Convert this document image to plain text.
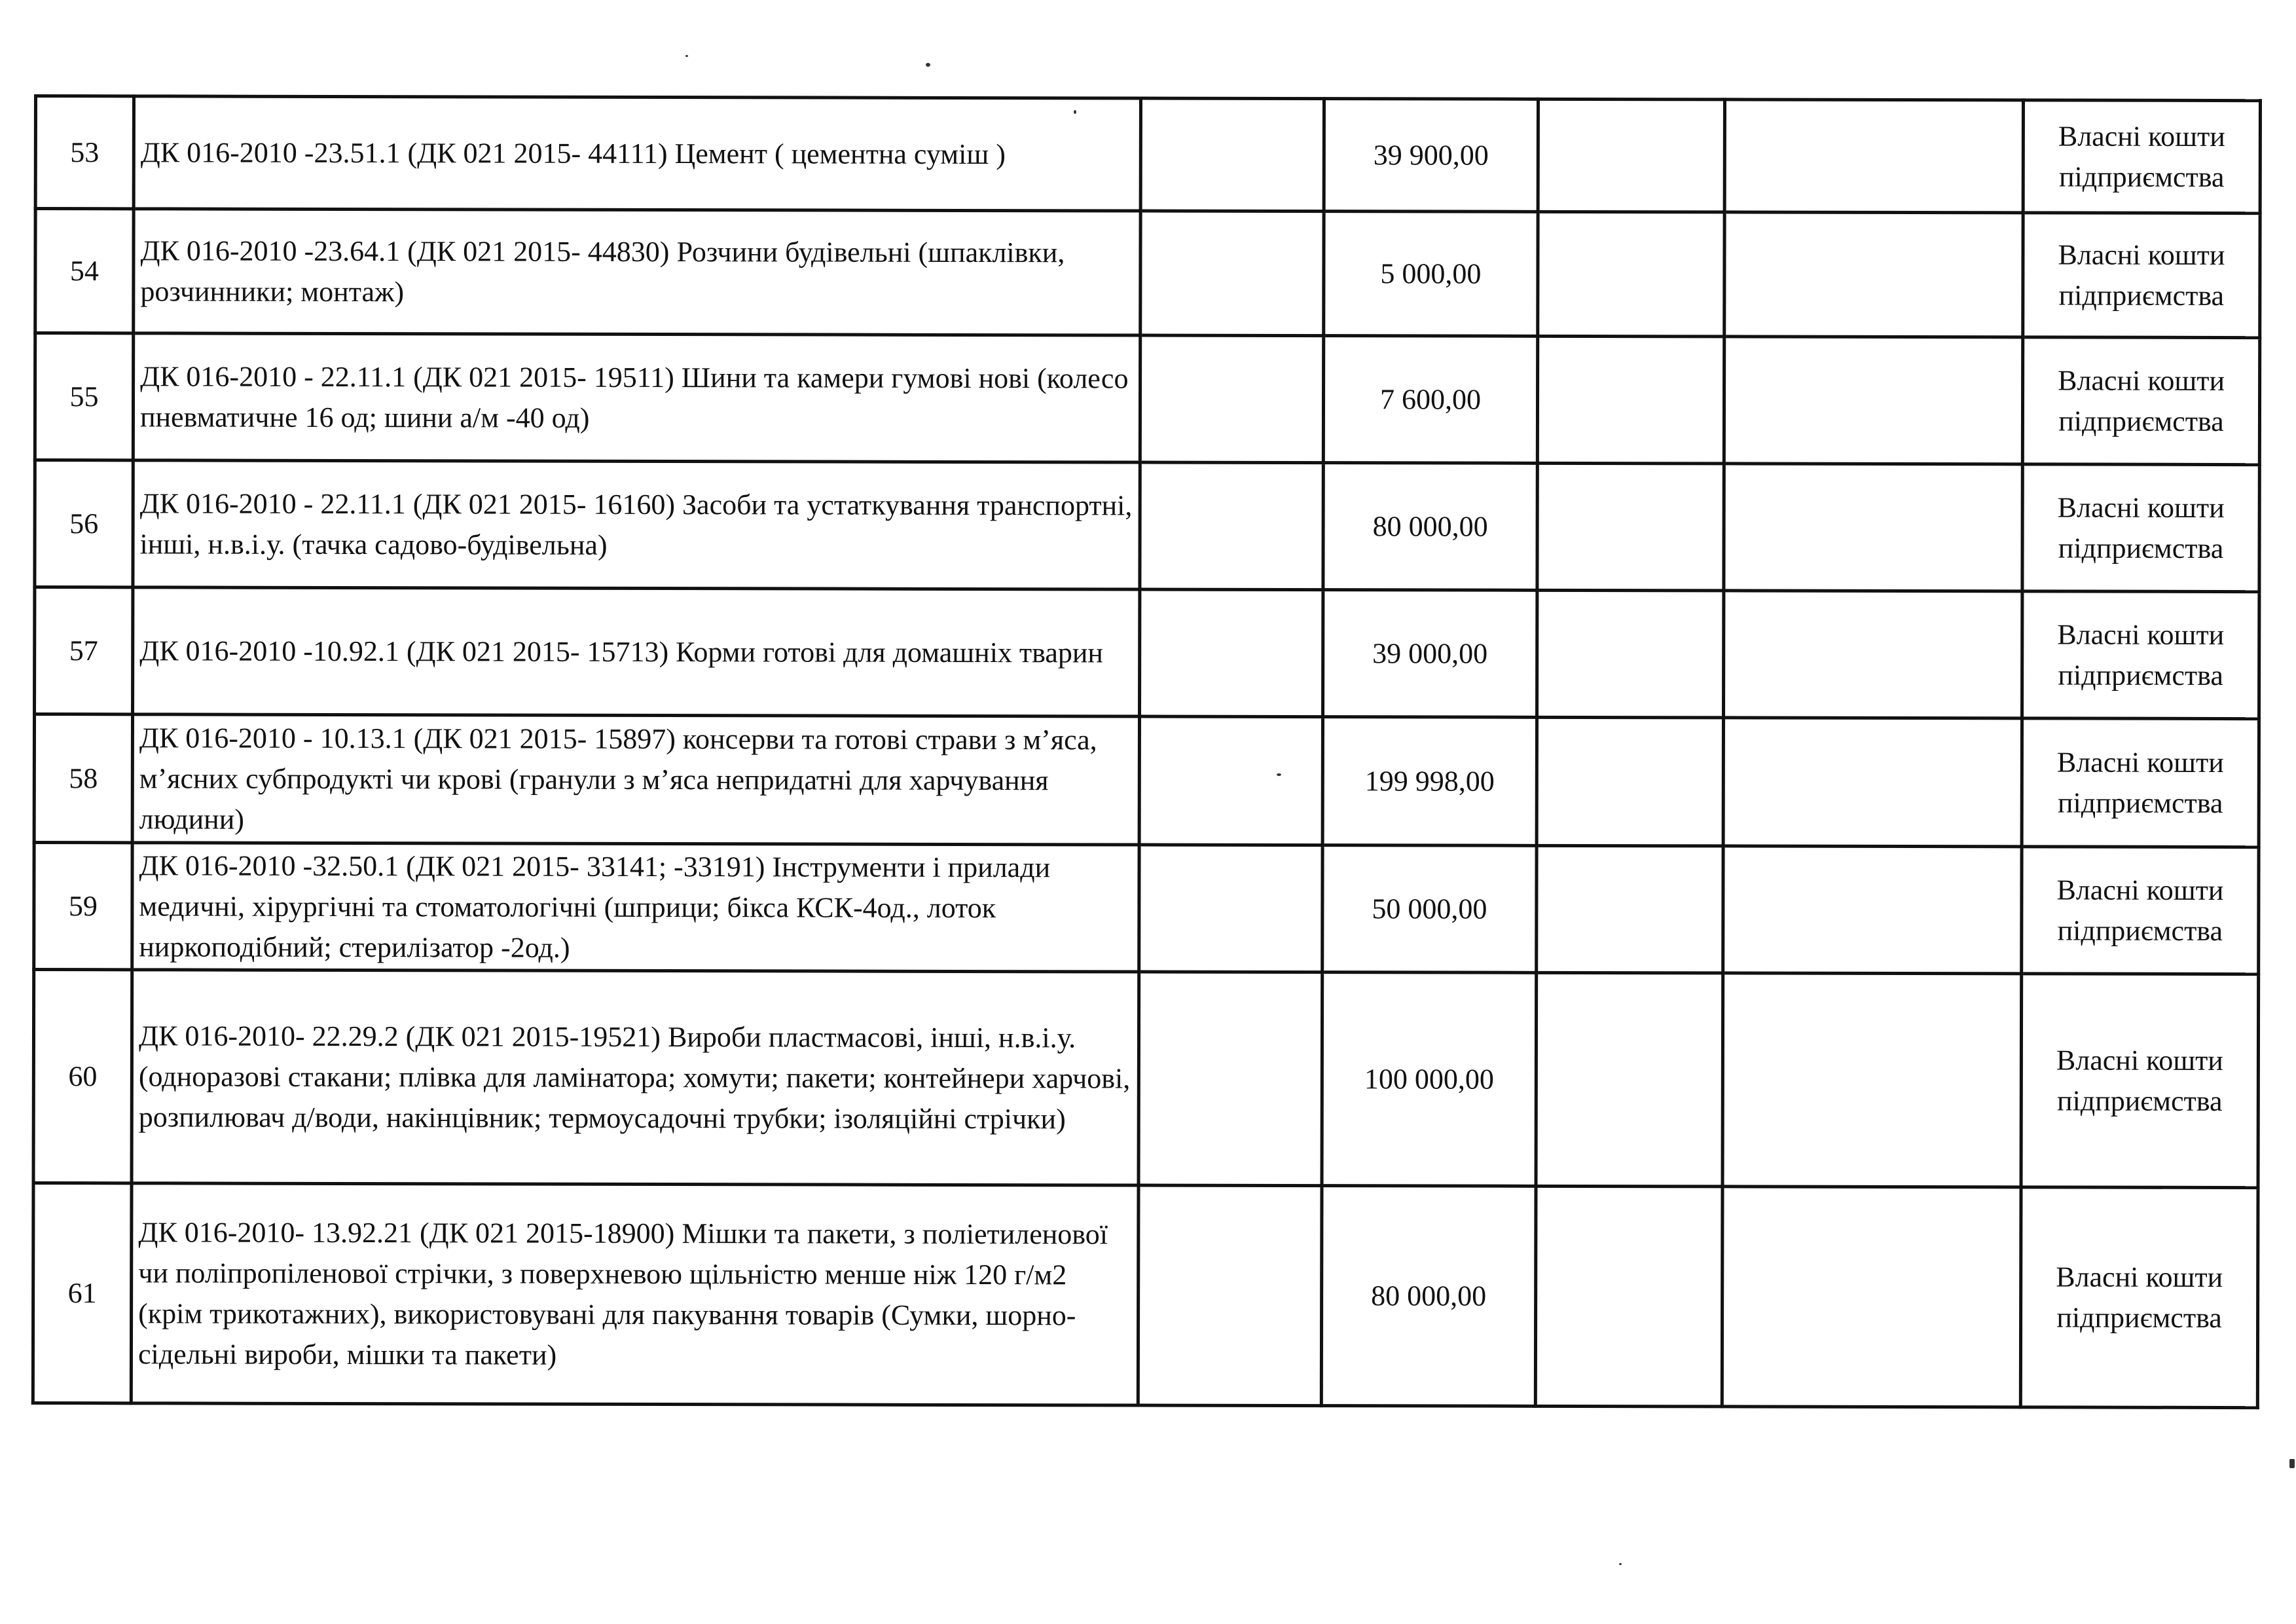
53	ДК 016-2010 -23.51.1 (ДК 021 2015- 44111) Цемент ( цементна суміш )		39 900,00			Власні кошти підприємства
54	ДК 016-2010 -23.64.1 (ДК 021 2015- 44830) Розчини будівельні (шпаклівки, розчинники; монтаж)		5 000,00			Власні кошти підприємства
55	ДК 016-2010 - 22.11.1 (ДК 021 2015- 19511) Шини та камери гумові нові (колесо пневматичне 16 од; шини а/м -40 од)		7 600,00			Власні кошти підприємства
56	ДК 016-2010 - 22.11.1 (ДК 021 2015- 16160) Засоби та устаткування транспортні, інші, н.в.і.у. (тачка садово-будівельна)		80 000,00			Власні кошти підприємства
57	ДК 016-2010 -10.92.1 (ДК 021 2015- 15713) Корми готові для домашніх тварин		39 000,00			Власні кошти підприємства
58	ДК 016-2010 - 10.13.1 (ДК 021 2015- 15897) консерви та готові страви з м’яса, м’ясних субпродукті чи крові (гранули з м’яса непридатні для харчування людини)		199 998,00			Власні кошти підприємства
59	ДК 016-2010 -32.50.1 (ДК 021 2015- 33141; -33191) Інструменти і прилади медичні, хірургічні та стоматологічні (шприци; бікса КСК-4од., лоток ниркоподібний; стерилізатор -2од.)		50 000,00			Власні кошти підприємства
60	ДК 016-2010- 22.29.2 (ДК 021 2015-19521) Вироби пластмасові, інші, н.в.і.у. (одноразові стакани; плівка для ламінатора; хомути; пакети; контейнери харчові, розпилювач д/води, накінцівник; термоусадочні трубки; ізоляційні стрічки)		100 000,00			Власні кошти підприємства
61	ДК 016-2010- 13.92.21 (ДК 021 2015-18900) Мішки та пакети, з поліетиленової чи поліпропіленової стрічки, з поверхневою щільністю менше ніж 120 г/м2 (крім трикотажних), використовувані для пакування товарів (Сумки, шорно-сідельні вироби, мішки та пакети)		80 000,00			Власні кошти підприємства
